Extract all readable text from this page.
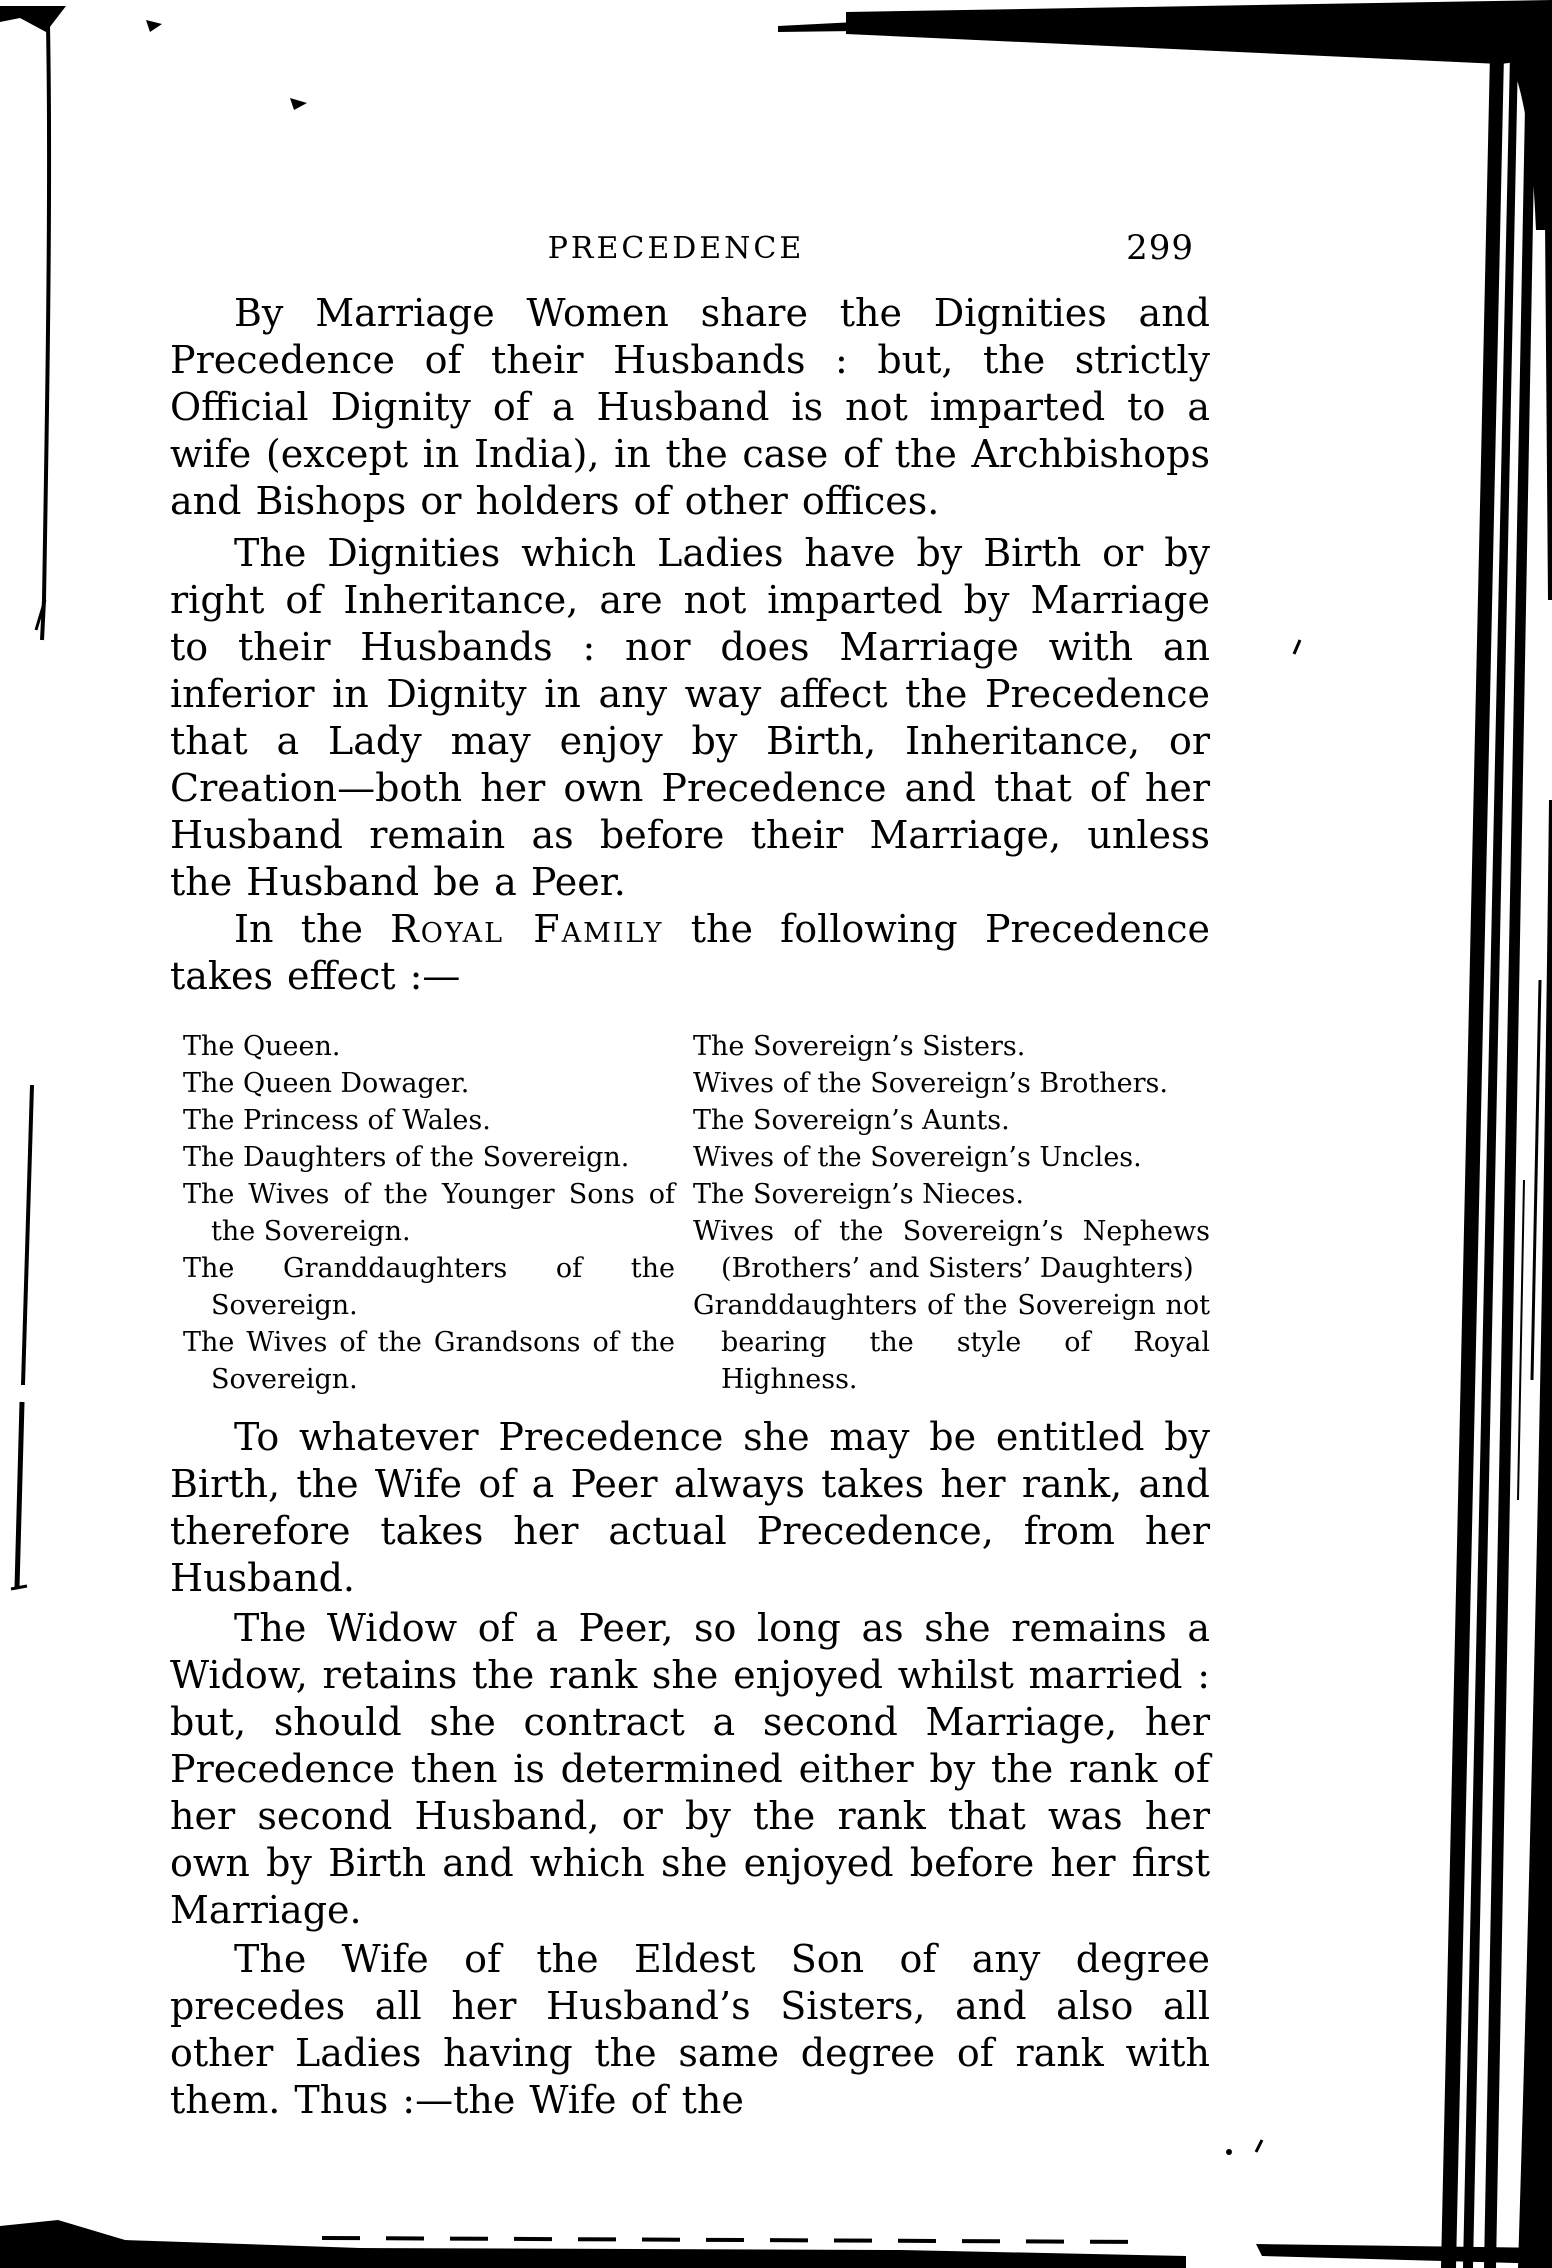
PRECEDENCE	299

By Marriage Women share the Dignities and Precedence of their Husbands : but, the strictly Official Dignity of a Husband is not imparted to a wife (except in India), in the case of the Archbishops and Bishops or holders of other offices.

The Dignities which Ladies have by Birth or by right of Inheritance, are not imparted by Marriage to their Husbands : nor does Marriage with an inferior in Dignity in any way affect the Precedence that a Lady may enjoy by Birth, Inheritance, or Creation—both her own Precedence and that of her Husband remain as before their Marriage, unless the Husband be a Peer.

In the Royal Family the following Precedence takes effect :—

The Queen.
The Queen Dowager.
The Princess of Wales.
The Daughters of the Sovereign.
The Wives of the Younger Sons of the Sovereign.
The Granddaughters of the Sovereign.
The Wives of the Grandsons of the Sovereign.
The Sovereign’s Sisters.
Wives of the Sovereign’s Brothers.
The Sovereign’s Aunts.
Wives of the Sovereign’s Uncles.
The Sovereign’s Nieces.
Wives of the Sovereign’s Nephews (Brothers’ and Sisters’ Daughters)
Granddaughters of the Sovereign not bearing the style of Royal Highness.

To whatever Precedence she may be entitled by Birth, the Wife of a Peer always takes her rank, and therefore takes her actual Precedence, from her Husband.

The Widow of a Peer, so long as she remains a Widow, retains the rank she enjoyed whilst married : but, should she contract a second Marriage, her Precedence then is determined either by the rank of her second Husband, or by the rank that was her own by Birth and which she enjoyed before her first Marriage.

The Wife of the Eldest Son of any degree precedes all her Husband’s Sisters, and also all other Ladies having the same degree of rank with them. Thus :—the Wife of the
